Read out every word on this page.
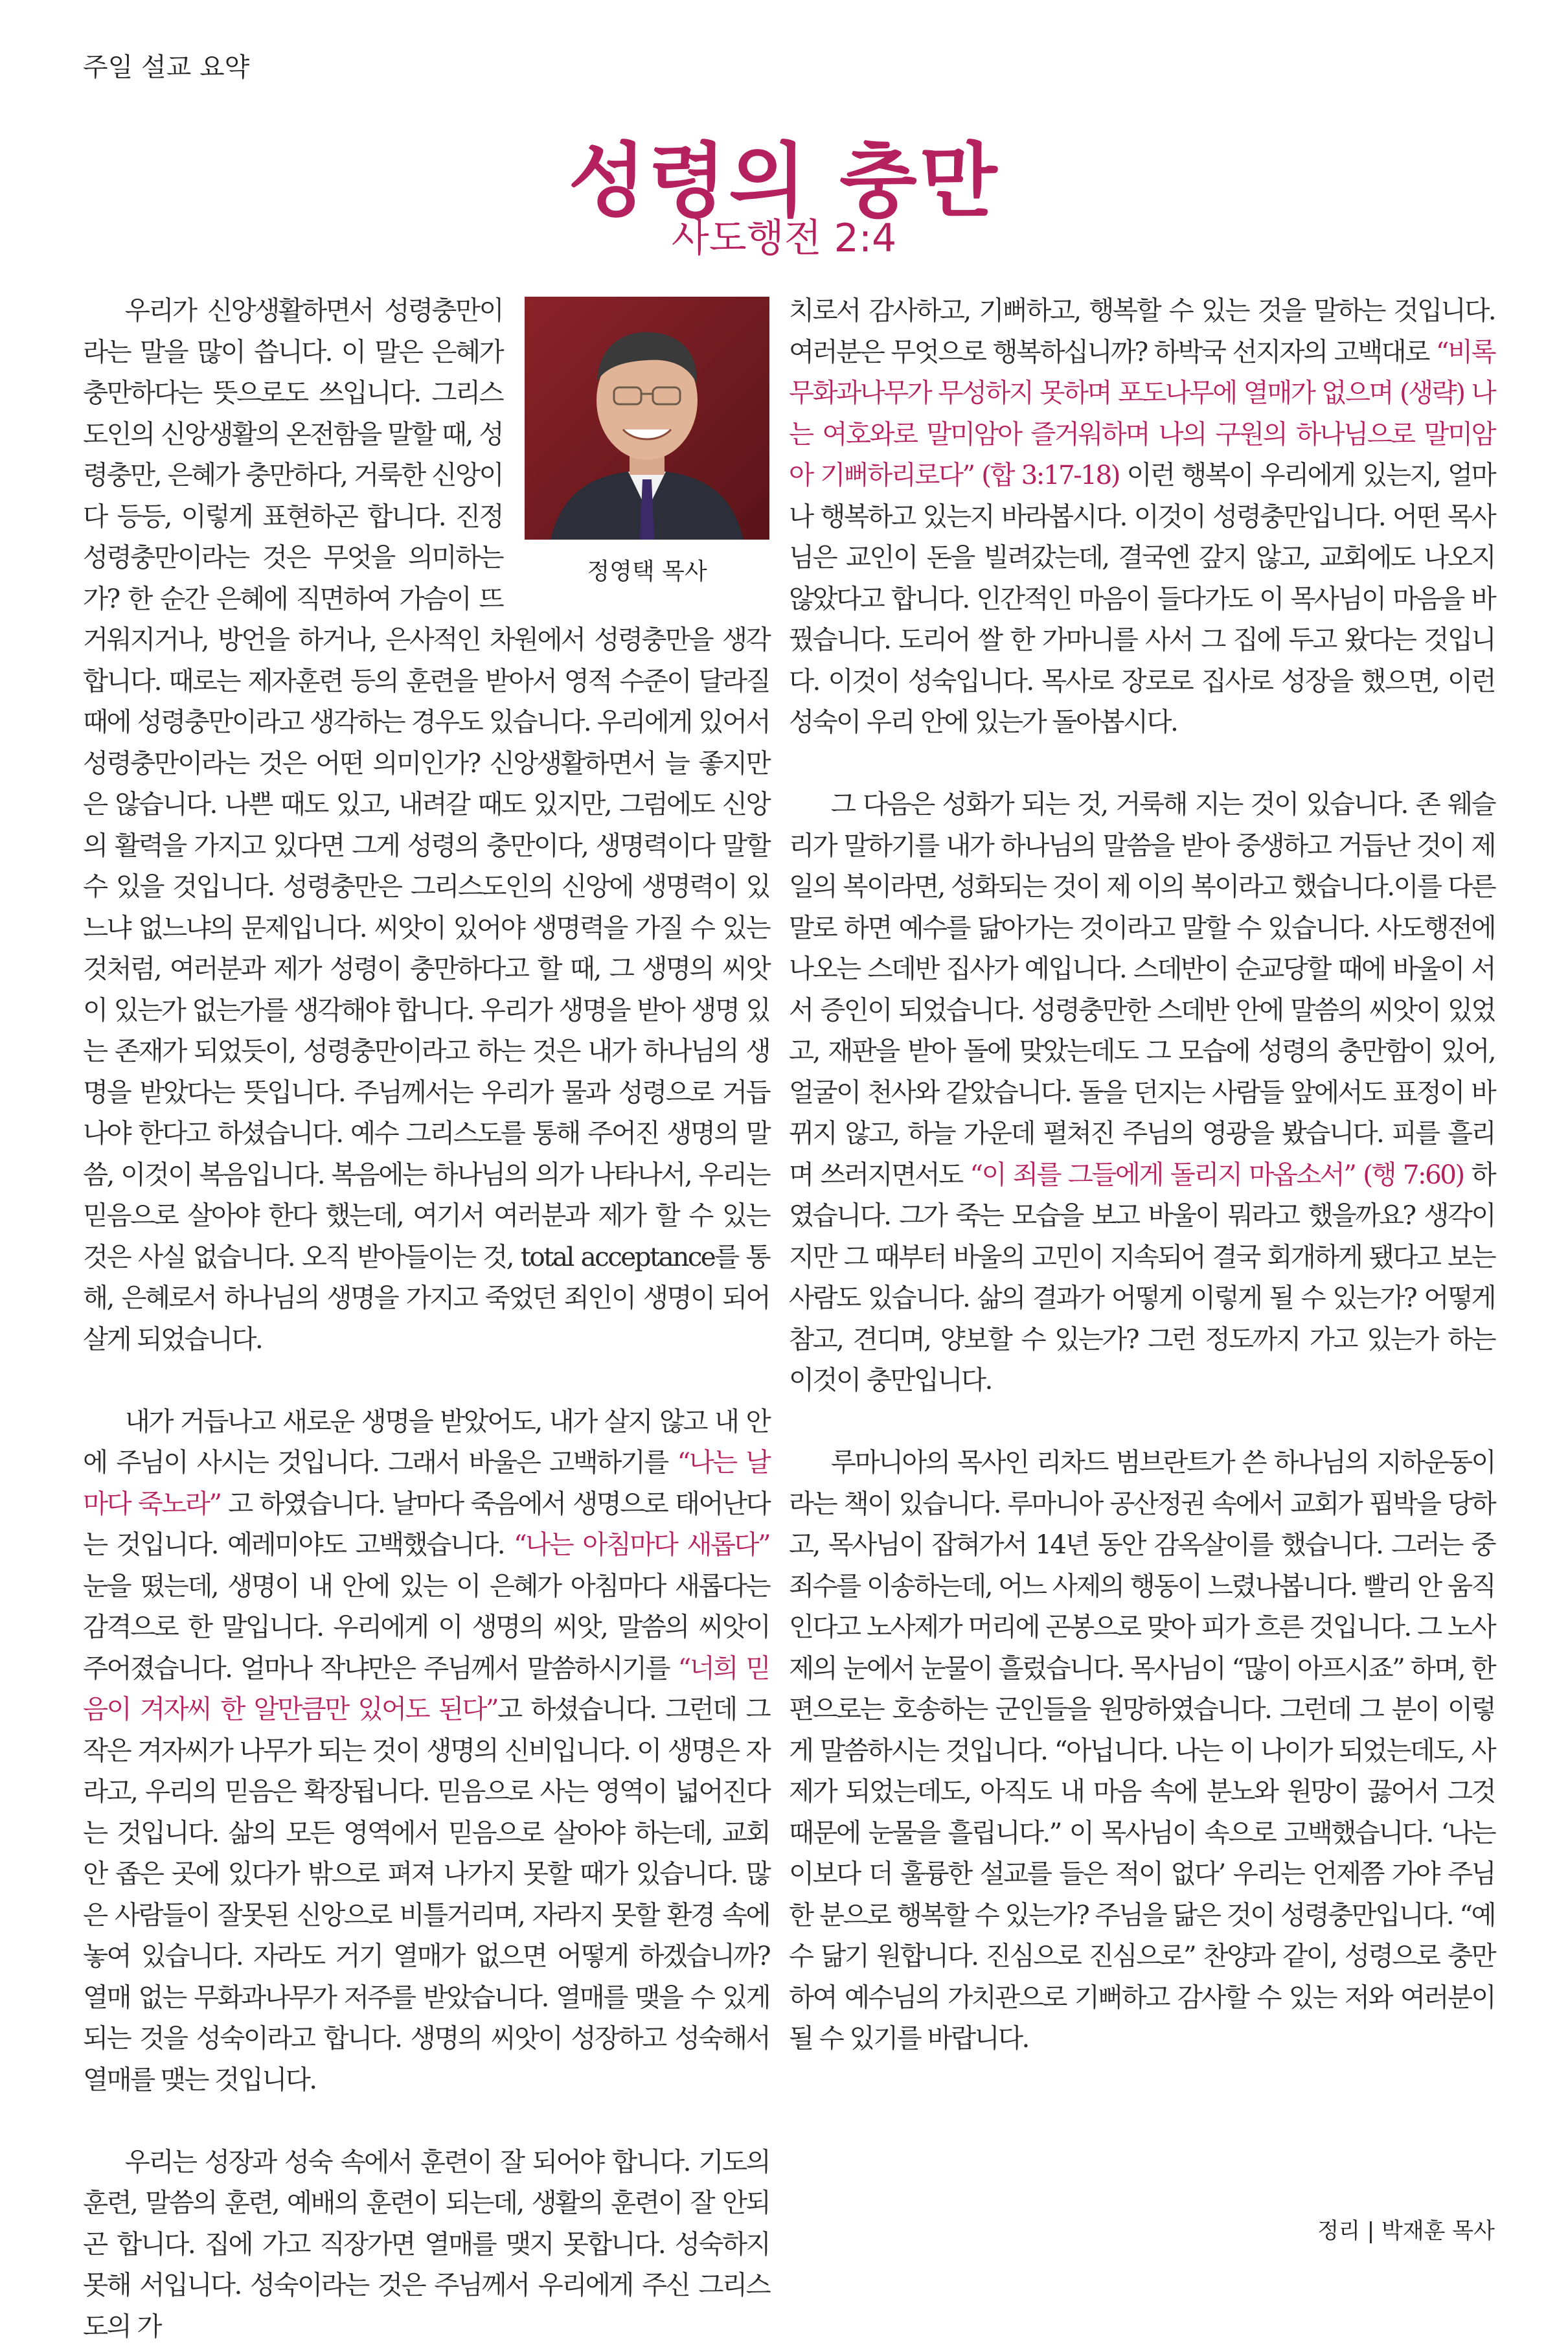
주일 설교 요약
성령의 충만
사도행전 2:4
정영택 목사

우리가 신앙생활하면서 성령충만이라는 말을 많이 씁니다. 이 말은 은혜가 충만하다는 뜻으로도 쓰입니다. 그리스도인의 신앙생활의 온전함을 말할 때, 성령충만, 은혜가 충만하다, 거룩한 신앙이다 등등, 이렇게 표현하곤 합니다. 진정 성령충만이라는 것은 무엇을 의미하는가? 한 순간 은혜에 직면하여 가슴이 뜨거워지거나, 방언을 하거나, 은사적인 차원에서 성령충만을 생각합니다. 때로는 제자훈련 등의 훈련을 받아서 영적 수준이 달라질 때에 성령충만이라고 생각하는 경우도 있습니다. 우리에게 있어서 성령충만이라는 것은 어떤 의미인가? 신앙생활하면서 늘 좋지만은 않습니다. 나쁜 때도 있고, 내려갈 때도 있지만, 그럼에도 신앙의 활력을 가지고 있다면 그게 성령의 충만이다, 생명력이다 말할 수 있을 것입니다. 성령충만은 그리스도인의 신앙에 생명력이 있느냐 없느냐의 문제입니다. 씨앗이 있어야 생명력을 가질 수 있는 것처럼, 여러분과 제가 성령이 충만하다고 할 때, 그 생명의 씨앗이 있는가 없는가를 생각해야 합니다. 우리가 생명을 받아 생명 있는 존재가 되었듯이, 성령충만이라고 하는 것은 내가 하나님의 생명을 받았다는 뜻입니다. 주님께서는 우리가 물과 성령으로 거듭나야 한다고 하셨습니다. 예수 그리스도를 통해 주어진 생명의 말씀, 이것이 복음입니다. 복음에는 하나님의 의가 나타나서, 우리는 믿음으로 살아야 한다 했는데, 여기서 여러분과 제가 할 수 있는 것은 사실 없습니다. 오직 받아들이는 것, total acceptance를 통해, 은혜로서 하나님의 생명을 가지고 죽었던 죄인이 생명이 되어 살게 되었습니다.

내가 거듭나고 새로운 생명을 받았어도, 내가 살지 않고 내 안에 주님이 사시는 것입니다. 그래서 바울은 고백하기를 “나는 날마다 죽노라” 고 하였습니다. 날마다 죽음에서 생명으로 태어난다는 것입니다. 예레미야도 고백했습니다. “나는 아침마다 새롭다” 눈을 떴는데, 생명이 내 안에 있는 이 은혜가 아침마다 새롭다는 감격으로 한 말입니다. 우리에게 이 생명의 씨앗, 말씀의 씨앗이 주어졌습니다. 얼마나 작냐만은 주님께서 말씀하시기를 “너희 믿음이 겨자씨 한 알만큼만 있어도 된다”고 하셨습니다. 그런데 그 작은 겨자씨가 나무가 되는 것이 생명의 신비입니다. 이 생명은 자라고, 우리의 믿음은 확장됩니다. 믿음으로 사는 영역이 넓어진다는 것입니다. 삶의 모든 영역에서 믿음으로 살아야 하는데, 교회 안 좁은 곳에 있다가 밖으로 펴져 나가지 못할 때가 있습니다. 많은 사람들이 잘못된 신앙으로 비틀거리며, 자라지 못할 환경 속에 놓여 있습니다. 자라도 거기 열매가 없으면 어떻게 하겠습니까? 열매 없는 무화과나무가 저주를 받았습니다. 열매를 맺을 수 있게 되는 것을 성숙이라고 합니다. 생명의 씨앗이 성장하고 성숙해서 열매를 맺는 것입니다.

우리는 성장과 성숙 속에서 훈련이 잘 되어야 합니다. 기도의 훈련, 말씀의 훈련, 예배의 훈련이 되는데, 생활의 훈련이 잘 안되곤 합니다. 집에 가고 직장가면 열매를 맺지 못합니다. 성숙하지 못해 서입니다. 성숙이라는 것은 주님께서 우리에게 주신 그리스도의 가

치로서 감사하고, 기뻐하고, 행복할 수 있는 것을 말하는 것입니다. 여러분은 무엇으로 행복하십니까? 하박국 선지자의 고백대로 “비록 무화과나무가 무성하지 못하며 포도나무에 열매가 없으며 (생략) 나는 여호와로 말미암아 즐거워하며 나의 구원의 하나님으로 말미암아 기뻐하리로다” (합 3:17-18) 이런 행복이 우리에게 있는지, 얼마나 행복하고 있는지 바라봅시다. 이것이 성령충만입니다. 어떤 목사님은 교인이 돈을 빌려갔는데, 결국엔 갚지 않고, 교회에도 나오지 않았다고 합니다. 인간적인 마음이 들다가도 이 목사님이 마음을 바꿨습니다. 도리어 쌀 한 가마니를 사서 그 집에 두고 왔다는 것입니다. 이것이 성숙입니다. 목사로 장로로 집사로 성장을 했으면, 이런 성숙이 우리 안에 있는가 돌아봅시다.

그 다음은 성화가 되는 것, 거룩해 지는 것이 있습니다. 존 웨슬리가 말하기를 내가 하나님의 말씀을 받아 중생하고 거듭난 것이 제 일의 복이라면, 성화되는 것이 제 이의 복이라고 했습니다.이를 다른 말로 하면 예수를 닮아가는 것이라고 말할 수 있습니다. 사도행전에 나오는 스데반 집사가 예입니다. 스데반이 순교당할 때에 바울이 서서 증인이 되었습니다. 성령충만한 스데반 안에 말씀의 씨앗이 있었고, 재판을 받아 돌에 맞았는데도 그 모습에 성령의 충만함이 있어, 얼굴이 천사와 같았습니다. 돌을 던지는 사람들 앞에서도 표정이 바뀌지 않고, 하늘 가운데 펼쳐진 주님의 영광을 봤습니다. 피를 흘리며 쓰러지면서도 “이 죄를 그들에게 돌리지 마옵소서” (행 7:60) 하였습니다. 그가 죽는 모습을 보고 바울이 뭐라고 했을까요? 생각이지만 그 때부터 바울의 고민이 지속되어 결국 회개하게 됐다고 보는 사람도 있습니다. 삶의 결과가 어떻게 이렇게 될 수 있는가? 어떻게 참고, 견디며, 양보할 수 있는가? 그런 정도까지 가고 있는가 하는 이것이 충만입니다.

루마니아의 목사인 리차드 범브란트가 쓴 하나님의 지하운동이라는 책이 있습니다. 루마니아 공산정권 속에서 교회가 핍박을 당하고, 목사님이 잡혀가서 14년 동안 감옥살이를 했습니다. 그러는 중 죄수를 이송하는데, 어느 사제의 행동이 느렸나봅니다. 빨리 안 움직인다고 노사제가 머리에 곤봉으로 맞아 피가 흐른 것입니다. 그 노사제의 눈에서 눈물이 흘렀습니다. 목사님이 “많이 아프시죠” 하며, 한편으로는 호송하는 군인들을 원망하였습니다. 그런데 그 분이 이렇게 말씀하시는 것입니다. “아닙니다. 나는 이 나이가 되었는데도, 사제가 되었는데도, 아직도 내 마음 속에 분노와 원망이 끓어서 그것 때문에 눈물을 흘립니다.” 이 목사님이 속으로 고백했습니다. ‘나는 이보다 더 훌륭한 설교를 들은 적이 없다’ 우리는 언제쯤 가야 주님 한 분으로 행복할 수 있는가? 주님을 닮은 것이 성령충만입니다. “예수 닮기 원합니다. 진심으로 진심으로” 찬양과 같이, 성령으로 충만하여 예수님의 가치관으로 기뻐하고 감사할 수 있는 저와 여러분이 될 수 있기를 바랍니다.

정리 | 박재훈 목사
